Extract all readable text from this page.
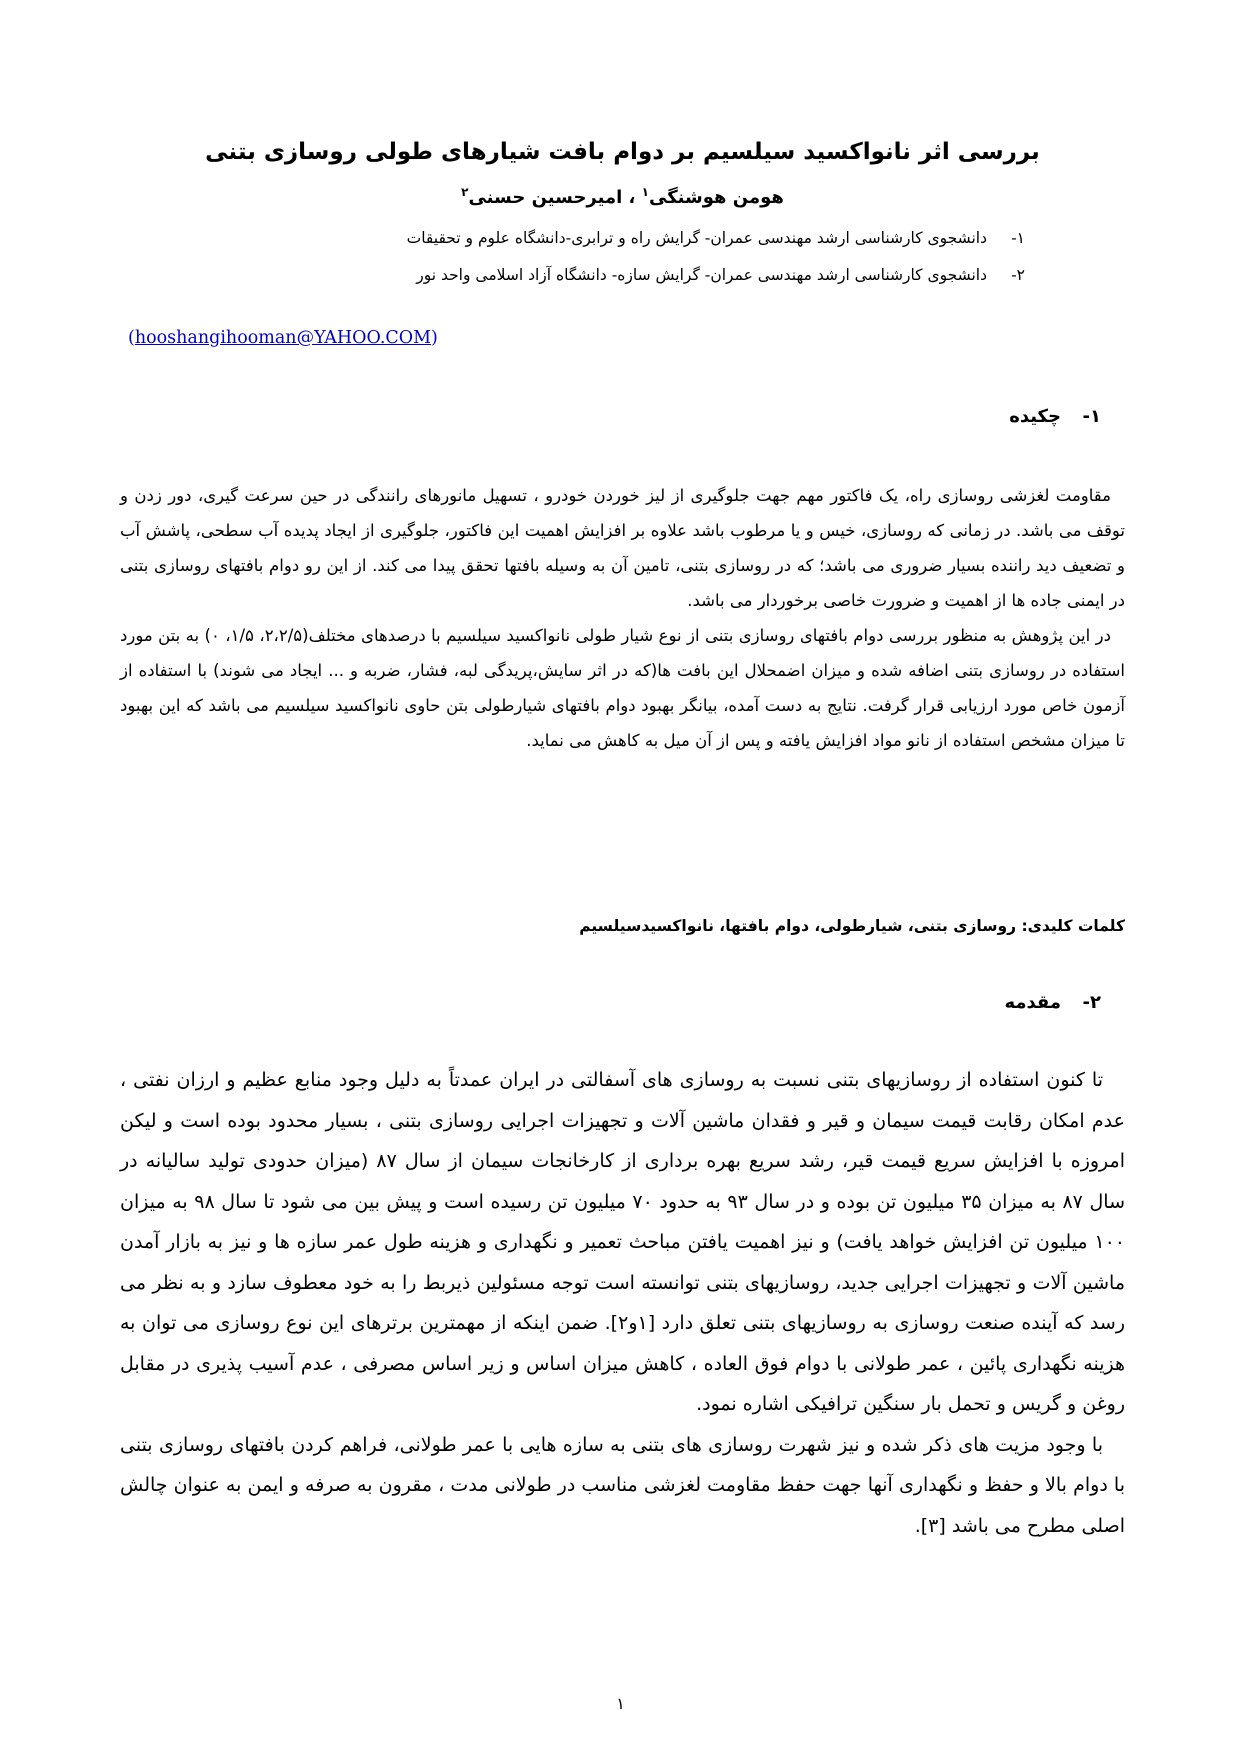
بررسی اثر نانواکسید سیلسیم بر دوام بافت شیارهای طولی روسازی بتنی
هومن هوشنگی$^۱$ ، امیرحسین حسنی$^۲$
۱-دانشجوی کارشناسی ارشد مهندسی عمران- گرایش راه و ترابری-دانشگاه علوم و تحقیقات
۲-دانشجوی کارشناسی ارشد مهندسی عمران- گرایش سازه- دانشگاه آزاد اسلامی واحد نور
(hooshangihooman@YAHOO.COM)
۱-چکیده

مقاومت لغزشی روسازی راه، یک فاکتور مهم جهت جلوگیری از لیز خوردن خودرو ، تسهیل مانورهای رانندگی در حین سرعت گیری، دور زدن و توقف می باشد. در زمانی که روسازی، خیس و یا مرطوب باشد علاوه بر افزایش اهمیت این فاکتور، جلوگیری از ایجاد پدیده آب سطحی، پاشش آب و تضعیف دید راننده بسیار ضروری می باشد؛ که در روسازی بتنی، تامین آن به وسیله بافتها تحقق پیدا می کند. از این رو دوام بافتهای روسازی بتنی در ایمنی جاده ها از اهمیت و ضرورت خاصی برخوردار می باشد.

در این پژوهش به منظور بررسی دوام بافتهای روسازی بتنی از نوع شیار طولی نانواکسید سیلسیم با درصدهای مختلف(۲،۲/۵، ۱/۵، ۰) به بتن مورد استفاده در روسازی بتنی اضافه شده و میزان اضمحلال این بافت ها(که در اثر سایش،پریدگی لبه، فشار، ضربه و ... ایجاد می شوند) با استفاده از آزمون خاص مورد ارزیابی قرار گرفت. نتایج به دست آمده، بیانگر بهبود دوام بافتهای شیارطولی بتن حاوی نانواکسید سیلسیم می باشد که این بهبود تا میزان مشخص استفاده از نانو مواد افزایش یافته و پس از آن میل به کاهش می نماید.

کلمات کلیدی: روسازی بتنی، شیارطولی، دوام بافتها، نانواکسیدسیلسیم
۲-مقدمه

تا کنون استفاده از روسازیهای بتنی نسبت به روسازی های آسفالتی در ایران عمدتاً به دلیل وجود منابع عظیم و ارزان نفتی ، عدم امکان رقابت قیمت سیمان و قیر و فقدان ماشین آلات و تجهیزات اجرایی روسازی بتنی ، بسیار محدود بوده است و لیکن امروزه با افزایش سریع قیمت قیر، رشد سریع بهره برداری از کارخانجات سیمان از سال ۸۷ (میزان حدودی تولید سالیانه در سال ۸۷ به میزان ۳۵ میلیون تن بوده و در سال ۹۳ به حدود ۷۰ میلیون تن رسیده است و پیش بین می شود تا سال ۹۸ به میزان ۱۰۰ میلیون تن افزایش خواهد یافت) و نیز اهمیت یافتن مباحث تعمیر و نگهداری و هزینه طول عمر سازه ها و نیز به بازار آمدن ماشین آلات و تجهیزات اجرایی جدید، روسازیهای بتنی توانسته است توجه مسئولین ذیربط را به خود معطوف سازد و به نظر می رسد که آینده صنعت روسازی به روسازیهای بتنی تعلق دارد [۱و۲]. ضمن اینکه از مهمترین برترهای این نوع روسازی می توان به هزینه نگهداری پائین ، عمر طولانی با دوام فوق العاده ، کاهش میزان اساس و زیر اساس مصرفی ، عدم آسیب پذیری در مقابل روغن و گریس و تحمل بار سنگین ترافیکی اشاره نمود.

با وجود مزیت های ذکر شده و نیز شهرت روسازی های بتنی به سازه هایی با عمر طولانی، فراهم کردن بافتهای روسازی بتنی با دوام بالا و حفظ و نگهداری آنها جهت حفظ مقاومت لغزشی مناسب در طولانی مدت ، مقرون به صرفه و ایمن به عنوان چالش اصلی مطرح می باشد [۳].

۱
